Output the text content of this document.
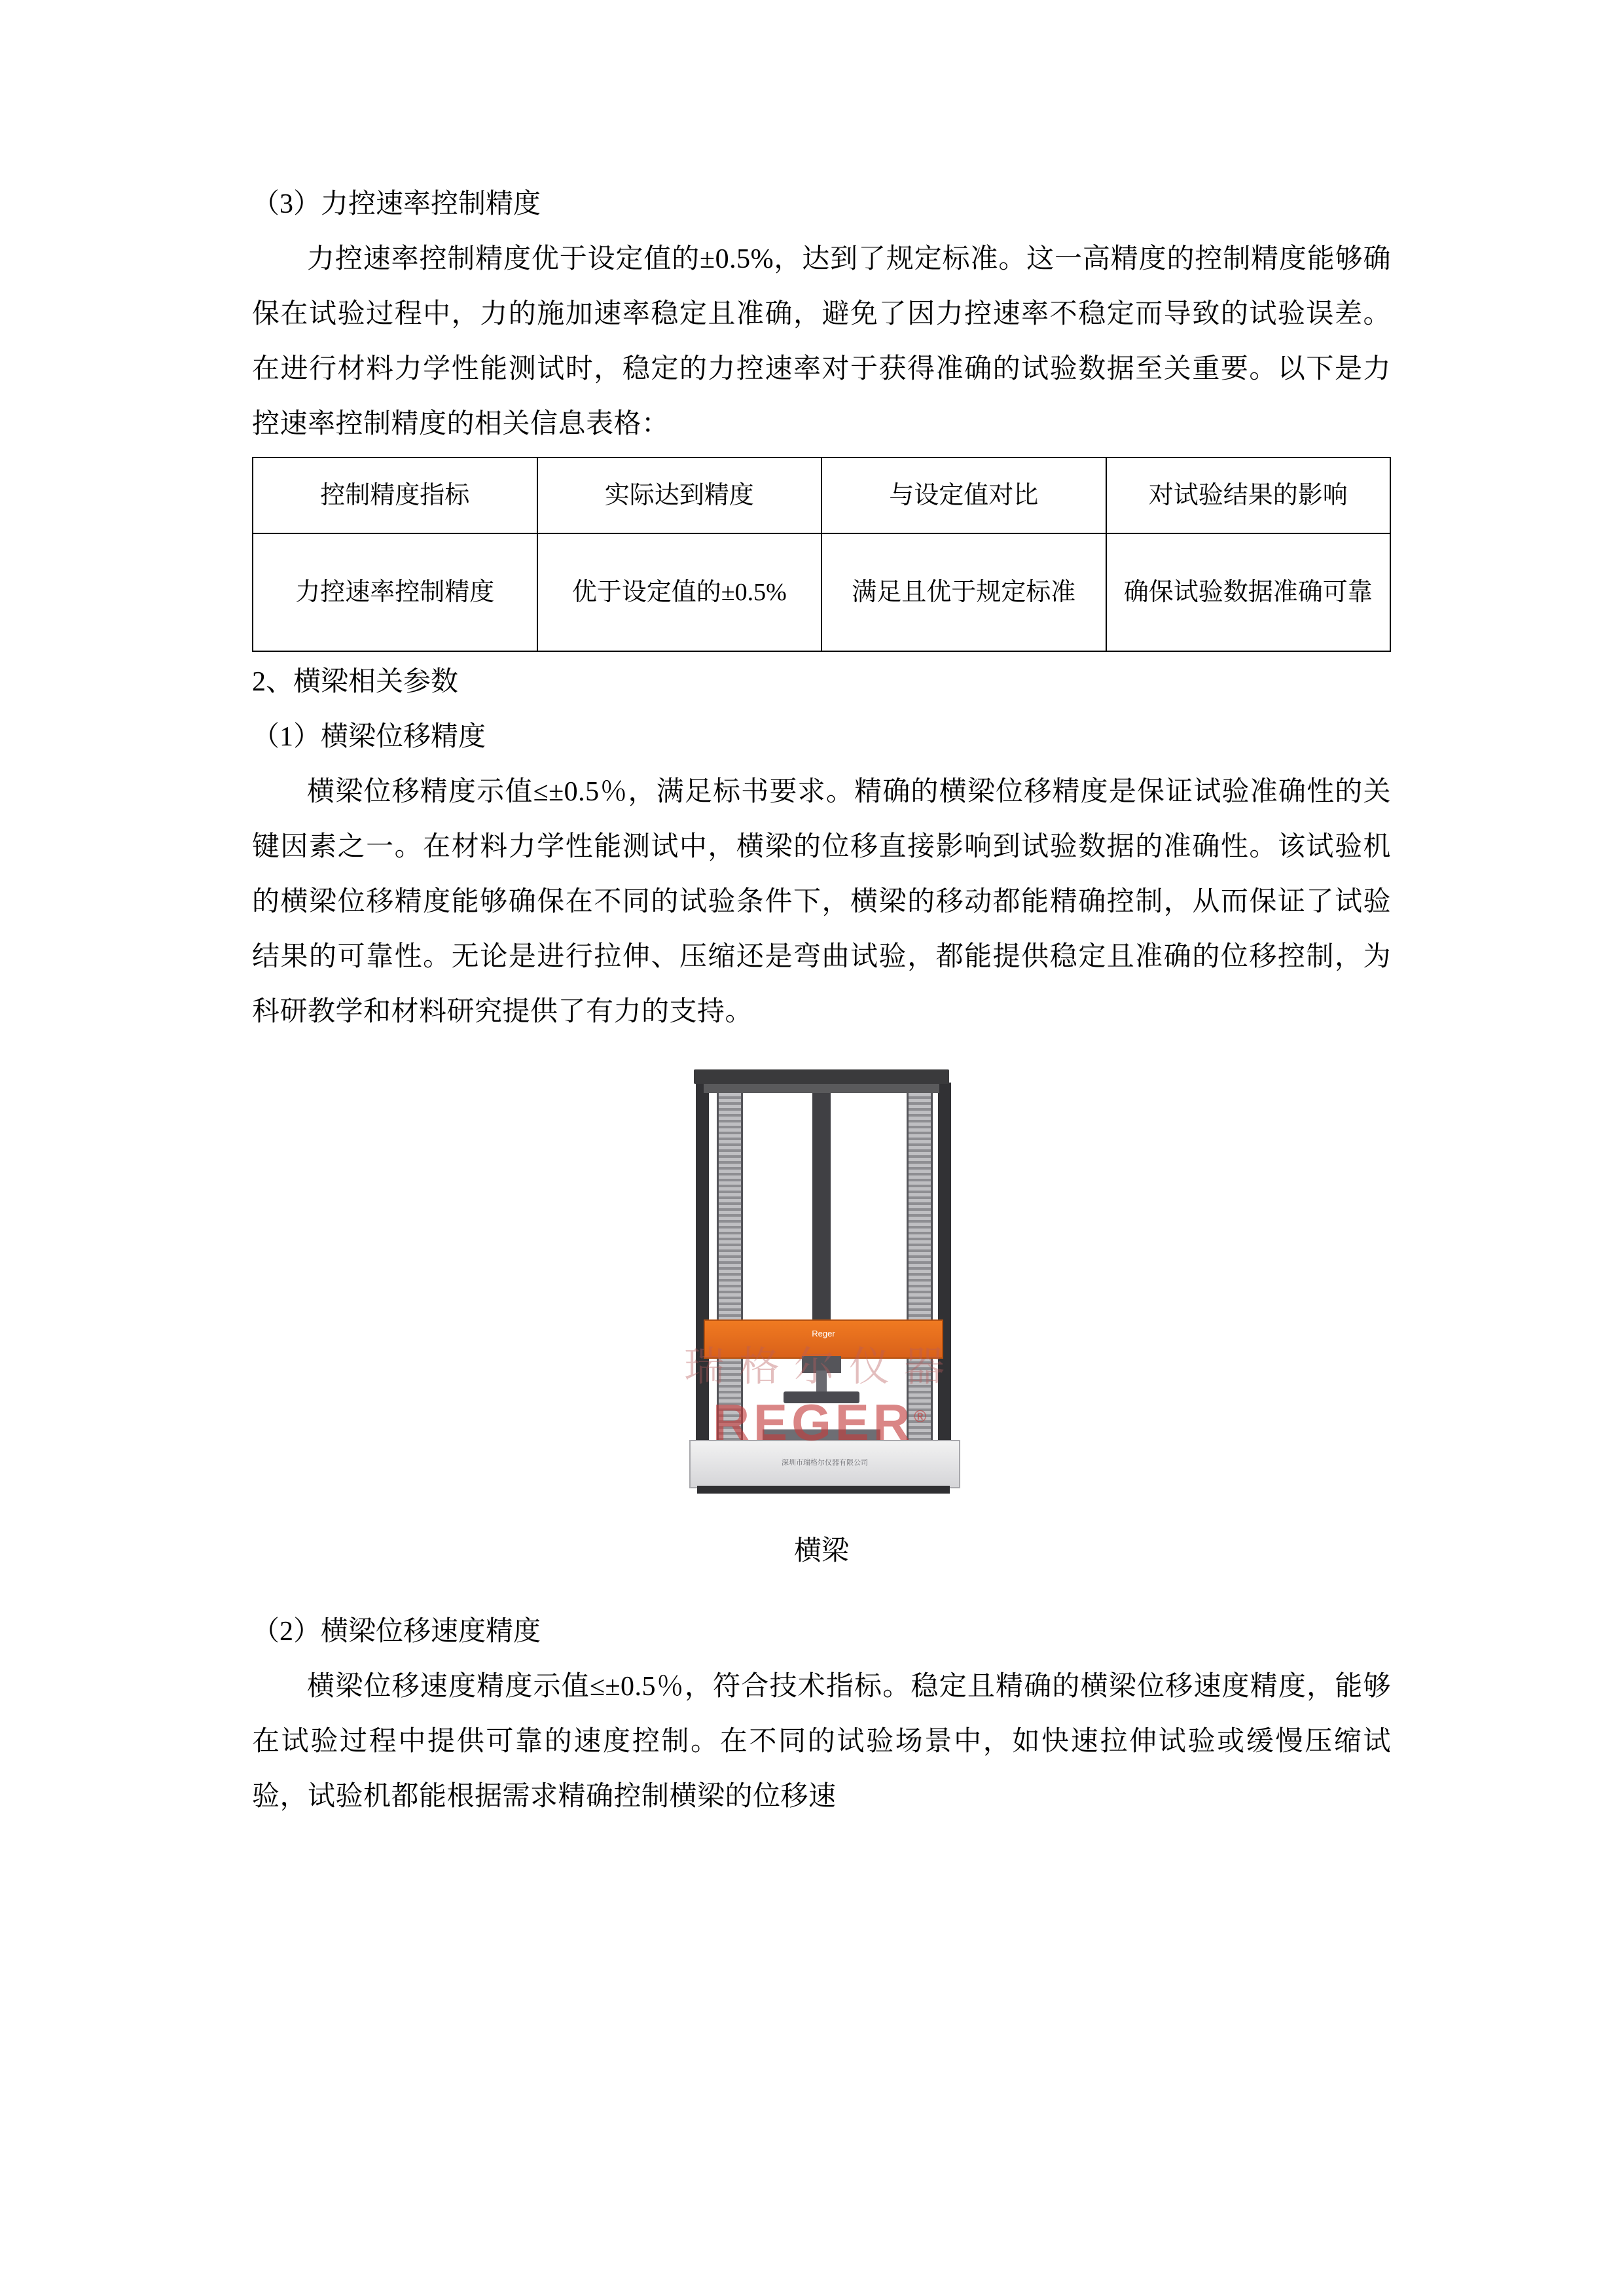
（3）力控速率控制精度

力控速率控制精度优于设定值的±0.5%，达到了规定标准。这一高精度的控制精度能够确保在试验过程中，力的施加速率稳定且准确，避免了因力控速率不稳定而导致的试验误差。在进行材料力学性能测试时，稳定的力控速率对于获得准确的试验数据至关重要。以下是力控速率控制精度的相关信息表格：

控制精度指标	实际达到精度	与设定值对比	对试验结果的影响
力控速率控制精度	优于设定值的±0.5%	满足且优于规定标准	确保试验数据准确可靠

2、横梁相关参数

（1）横梁位移精度

横梁位移精度示值≤±0.5％，满足标书要求。精确的横梁位移精度是保证试验准确性的关键因素之一。在材料力学性能测试中，横梁的位移直接影响到试验数据的准确性。该试验机的横梁位移精度能够确保在不同的试验条件下，横梁的移动都能精确控制，从而保证了试验结果的可靠性。无论是进行拉伸、压缩还是弯曲试验，都能提供稳定且准确的位移控制，为科研教学和材料研究提供了有力的支持。

Reger
深圳市瑞格尔仪器有限公司
瑞格尔仪器
REGER®
横梁

（2）横梁位移速度精度

横梁位移速度精度示值≤±0.5％，符合技术指标。稳定且精确的横梁位移速度精度，能够在试验过程中提供可靠的速度控制。在不同的试验场景中，如快速拉伸试验或缓慢压缩试验，试验机都能根据需求精确控制横梁的位移速
